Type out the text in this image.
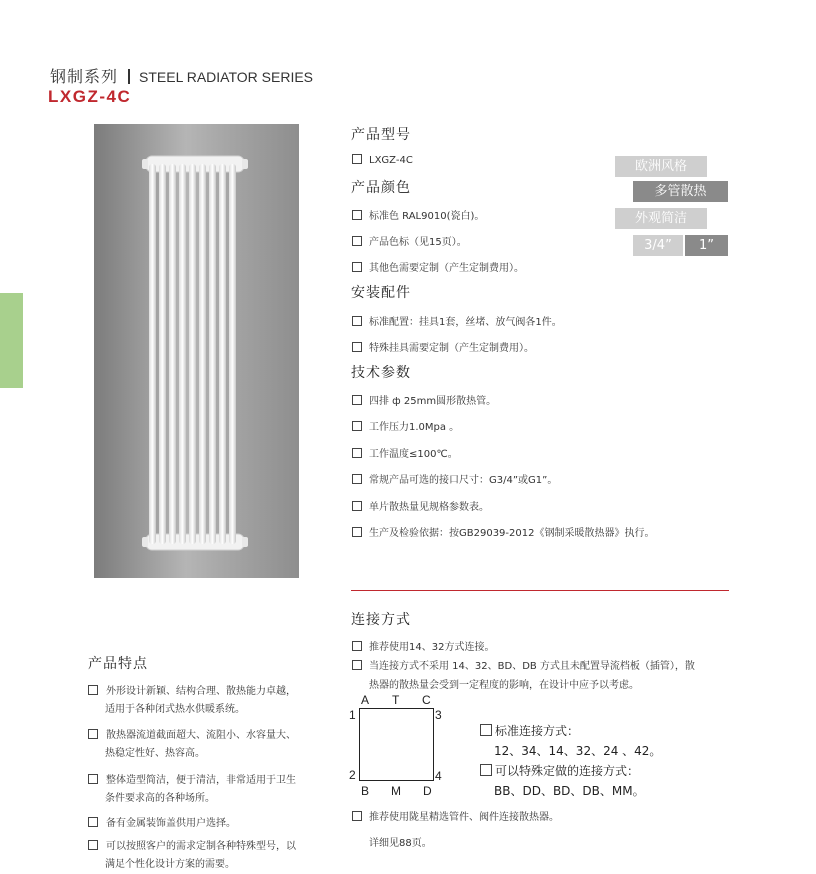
钢制系列 STEEL RADIATOR SERIES
LXGZ-4C
欧洲风格
多管散热
外观简洁
3/4”	1”
产品型号
LXGZ-4C
产品颜色
标准色 RAL9010(瓷白)。
产品色标（见15页）。
其他色需要定制（产生定制费用）。
安装配件
标准配置：挂具1套，丝堵、放气阀各1件。
特殊挂具需要定制（产生定制费用）。
技术参数
四排 ф 25mm圆形散热管。
工作压力1.0Mpa 。
工作温度≤100℃。
常规产品可选的接口尺寸：G3/4”或G1”。
单片散热量见规格参数表。
生产及检验依据：按GB29039-2012《钢制采暖散热器》执行。
连接方式
推荐使用14、32方式连接。
当连接方式不采用 14、32、BD、DB 方式且未配置导流档板（插管），散
热器的散热量会受到一定程度的影响，在设计中应予以考虑。
A T C
1	3
2	4
B M D
标准连接方式：
12、34、14、32、24 、42。
可以特殊定做的连接方式：
BB、DD、BD、DB、MM。
推荐使用陇星精选管件、阀件连接散热器。
详细见88页。
产品特点
外形设计新颖、结构合理、散热能力卓越，
适用于各种闭式热水供暖系统。
散热器流道截面超大、流阻小、水容量大、
热稳定性好、热容高。
整体造型简洁，便于清洁，非常适用于卫生
条件要求高的各种场所。
备有金属装饰盖供用户选择。
可以按照客户的需求定制各种特殊型号，以
满足个性化设计方案的需要。
